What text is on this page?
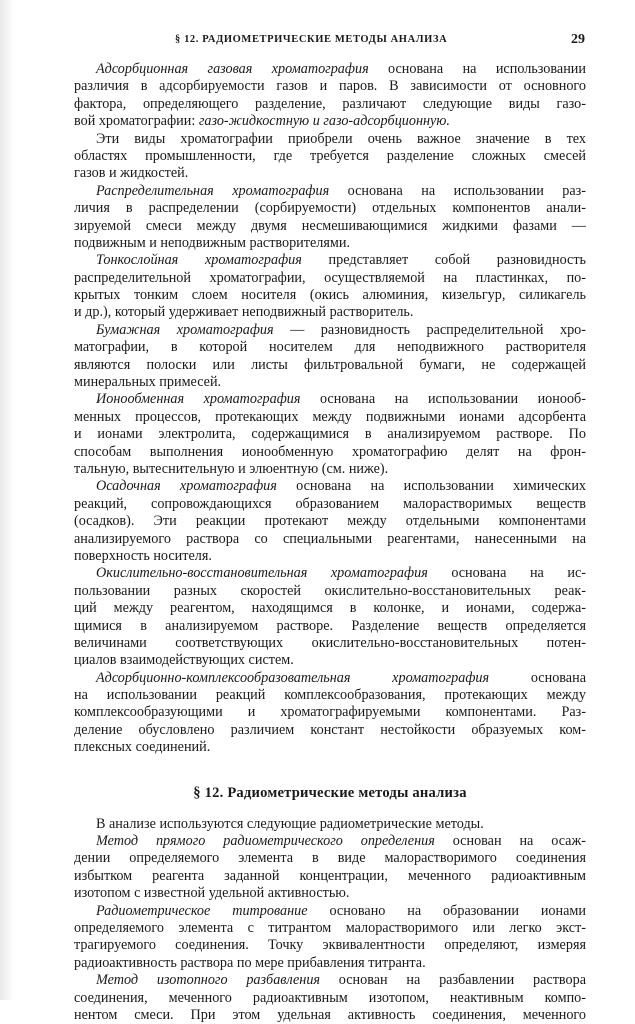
§ 12. РАДИОМЕТРИЧЕСКИЕ МЕТОДЫ АНАЛИЗА	29
Адсорбционная газовая хроматография основана на использовании
различия в адсорбируемости газов и паров. В зависимости от основного
фактора, определяющего разделение, различают следующие виды газо-
вой хроматографии: газо-жидкостную и газо-адсорбционную.
Эти виды хроматографии приобрели очень важное значение в тех
областях промышленности, где требуется разделение сложных смесей
газов и жидкостей.
Распределительная хроматография основана на использовании раз-
личия в распределении (сорбируемости) отдельных компонентов анали-
зируемой смеси между двумя несмешивающимися жидкими фазами —
подвижным и неподвижным растворителями.
Тонкослойная хроматография представляет собой разновидность
распределительной хроматографии, осуществляемой на пластинках, по-
крытых тонким слоем носителя (окись алюминия, кизельгур, силикагель
и др.), который удерживает неподвижный растворитель.
Бумажная хроматография — разновидность распределительной хро-
матографии, в которой носителем для неподвижного растворителя
являются полоски или листы фильтровальной бумаги, не содержащей
минеральных примесей.
Ионообменная хроматография основана на использовании ионооб-
менных процессов, протекающих между подвижными ионами адсорбента
и ионами электролита, содержащимися в анализируемом растворе. По
способам выполнения ионообменную хроматографию делят на фрон-
тальную, вытеснительную и элюентную (см. ниже).
Осадочная хроматография основана на использовании химических
реакций, сопровождающихся образованием малорастворимых веществ
(осадков). Эти реакции протекают между отдельными компонентами
анализируемого раствора со специальными реагентами, нанесенными на
поверхность носителя.
Окислительно-восстановительная хроматография основана на ис-
пользовании разных скоростей окислительно-восстановительных реак-
ций между реагентом, находящимся в колонке, и ионами, содержа-
щимися в анализируемом растворе. Разделение веществ определяется
величинами соответствующих окислительно-восстановительных потен-
циалов взаимодействующих систем.
Адсорбционно-комплексообразовательная хроматография основана
на использовании реакций комплексообразования, протекающих между
комплексообразующими и хроматографируемыми компонентами. Раз-
деление обусловлено различием констант нестойкости образуемых ком-
плексных соединений.
§ 12. Радиометрические методы анализа
В анализе используются следующие радиометрические методы.
Метод прямого радиометрического определения основан на осаж-
дении определяемого элемента в виде малорастворимого соединения
избытком реагента заданной концентрации, меченного радиоактивным
изотопом с известной удельной активностью.
Радиометрическое титрование основано на образовании ионами
определяемого элемента с титрантом малорастворимого или легко экст-
трагируемого соединения. Точку эквивалентности определяют, измеряя
радиоактивность раствора по мере прибавления титранта.
Метод изотопного разбавления основан на разбавлении раствора
соединения, меченного радиоактивным изотопом, неактивным компо-
нентом смеси. При этом удельная активность соединения, меченного
